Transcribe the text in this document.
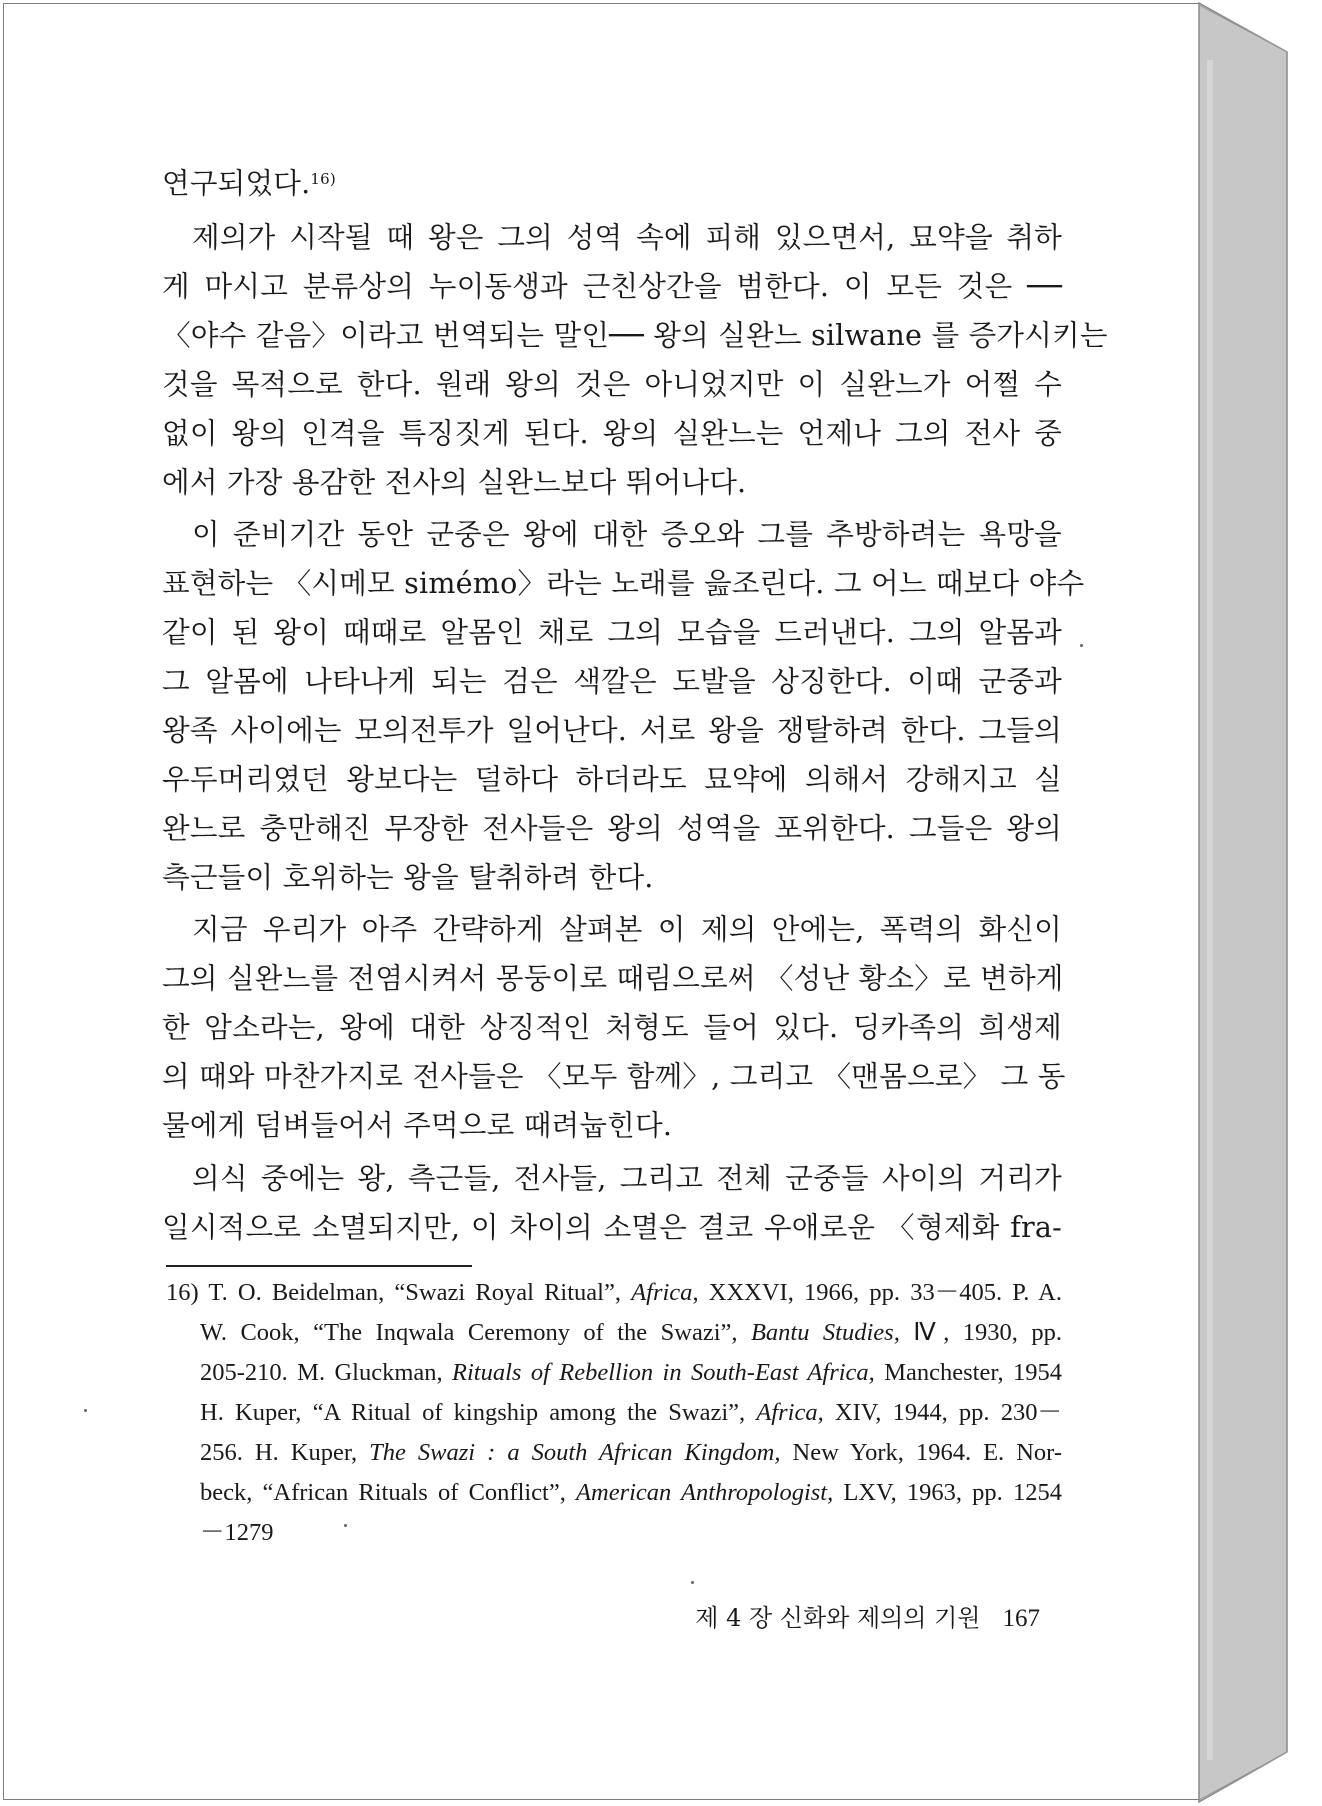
연구되었다.$^{16)}$
제의가 시작될 때 왕은 그의 성역 속에 피해 있으면서, 묘약을 취하
게 마시고 분류상의 누이동생과 근친상간을 범한다. 이 모든 것은 ──
〈야수 같음〉이라고 번역되는 말인── 왕의 실완느 silwane 를 증가시키는
것을 목적으로 한다. 원래 왕의 것은 아니었지만 이 실완느가 어쩔 수
없이 왕의 인격을 특징짓게 된다. 왕의 실완느는 언제나 그의 전사 중
에서 가장 용감한 전사의 실완느보다 뛰어나다.
이 준비기간 동안 군중은 왕에 대한 증오와 그를 추방하려는 욕망을
표현하는 〈시메모 simémo〉라는 노래를 읊조린다. 그 어느 때보다 야수
같이 된 왕이 때때로 알몸인 채로 그의 모습을 드러낸다. 그의 알몸과
그 알몸에 나타나게 되는 검은 색깔은 도발을 상징한다. 이때 군중과
왕족 사이에는 모의전투가 일어난다. 서로 왕을 쟁탈하려 한다. 그들의
우두머리였던 왕보다는 덜하다 하더라도 묘약에 의해서 강해지고 실
완느로 충만해진 무장한 전사들은 왕의 성역을 포위한다. 그들은 왕의
측근들이 호위하는 왕을 탈취하려 한다.
지금 우리가 아주 간략하게 살펴본 이 제의 안에는, 폭력의 화신이
그의 실완느를 전염시켜서 몽둥이로 때림으로써 〈성난 황소〉로 변하게
한 암소라는, 왕에 대한 상징적인 처형도 들어 있다. 딩카족의 희생제
의 때와 마찬가지로 전사들은 〈모두 함께〉, 그리고 〈맨몸으로〉 그 동
물에게 덤벼들어서 주먹으로 때려눕힌다.
의식 중에는 왕, 측근들, 전사들, 그리고 전체 군중들 사이의 거리가
일시적으로 소멸되지만, 이 차이의 소멸은 결코 우애로운 〈형제화 fra-
16) T. O. Beidelman, “Swazi Royal Ritual”, Africa, XXXVI, 1966, pp. 33－405. P. A.
W. Cook, “The Inqwala Ceremony of the Swazi”, Bantu Studies, Ⅳ, 1930, pp.
205-210. M. Gluckman, Rituals of Rebellion in South-East Africa, Manchester, 1954
H. Kuper, “A Ritual of kingship among the Swazi”, Africa, XIV, 1944, pp. 230－
256. H. Kuper, The Swazi : a South African Kingdom, New York, 1964. E. Nor-
beck, “African Rituals of Conflict”, American Anthropologist, LXV, 1963, pp. 1254
－1279
제 4 장 신화와 제의의 기원 167
